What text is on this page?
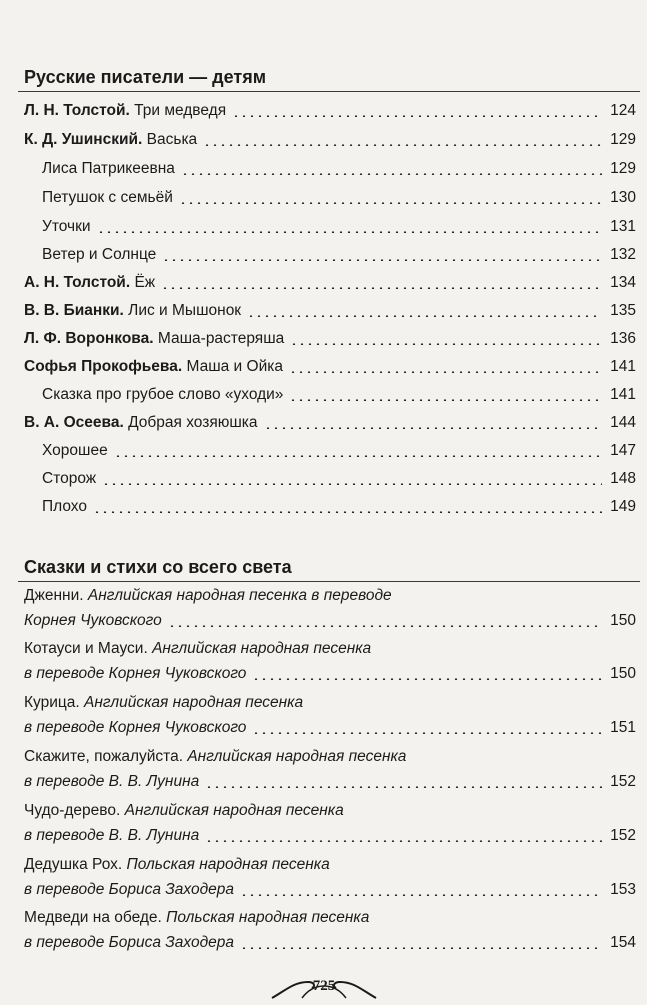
Русские писатели — детям
Л. Н. Толстой. Три медведя	124
К. Д. Ушинский. Васька	129
Лиса Патрикеевна	129
Петушок с семьёй	130
Уточки	131
Ветер и Солнце	132
А. Н. Толстой. Ёж	134
В. В. Бианки. Лис и Мышонок	135
Л. Ф. Воронкова. Маша-растеряша	136
Софья Прокофьева. Маша и Ойка	141
Сказка про грубое слово «уходи»	141
В. А. Осеева. Добрая хозяюшка	144
Хорошее	147
Сторож	148
Плохо	149
Сказки и стихи со всего света
Дженни. Английская народная песенка в переводе
Корнея Чуковского	150
Котауси и Мауси. Английская народная песенка
в переводе Корнея Чуковского	150
Курица. Английская народная песенка
в переводе Корнея Чуковского	151
Скажите, пожалуйста. Английская народная песенка
в переводе В. В. Лунина	152
Чудо-дерево. Английская народная песенка
в переводе В. В. Лунина	152
Дедушка Рох. Польская народная песенка
в переводе Бориса Заходера	153
Медведи на обеде. Польская народная песенка
в переводе Бориса Заходера	154
725
